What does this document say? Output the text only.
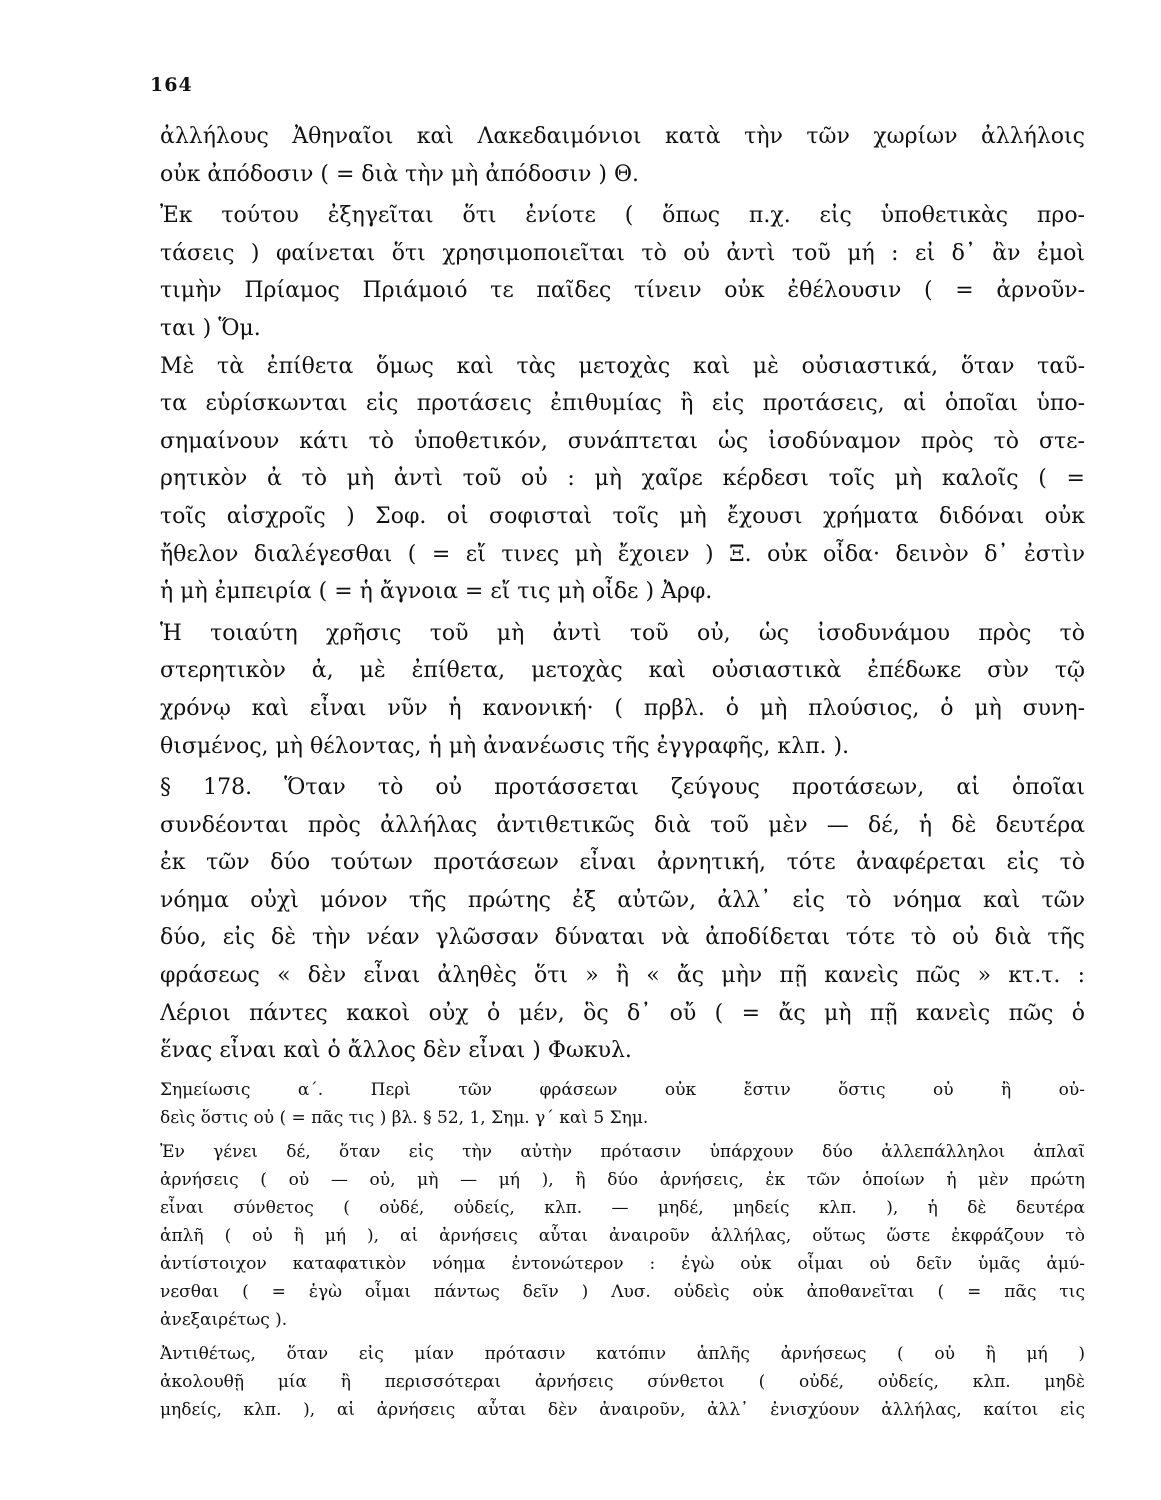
164
ἀλλήλους Ἀθηναῖοι καὶ Λακεδαιμόνιοι κατὰ τὴν τῶν χωρίων ἀλλήλοις
οὐκ ἀπόδοσιν ( = διὰ τὴν μὴ ἀπόδοσιν ) Θ.
Ἐκ τούτου ἐξηγεῖται ὅτι ἐνίοτε ( ὅπως π.χ. εἰς ὑποθετικὰς προ-
τάσεις ) φαίνεται ὅτι χρησιμοποιεῖται τὸ οὐ ἀντὶ τοῦ μή : εἰ δ᾽ ἂν ἐμοὶ
τιμὴν Πρίαμος Πριάμοιό τε παῖδες τίνειν οὐκ ἐθέλουσιν ( = ἀρνοῦν-
ται ) Ὅμ.
Μὲ τὰ ἐπίθετα ὅμως καὶ τὰς μετοχὰς καὶ μὲ οὐσιαστικά, ὅταν ταῦ-
τα εὑρίσκωνται εἰς προτάσεις ἐπιθυμίας ἢ εἰς προτάσεις, αἱ ὁποῖαι ὑπο-
σημαίνουν κάτι τὸ ὑποθετικόν, συνάπτεται ὡς ἰσοδύναμον πρὸς τὸ στε-
ρητικὸν ἀ τὸ μὴ ἀντὶ τοῦ οὐ : μὴ χαῖρε κέρδεσι τοῖς μὴ καλοῖς ( =
τοῖς αἰσχροῖς ) Σοφ. οἱ σοφισταὶ τοῖς μὴ ἔχουσι χρήματα διδόναι οὐκ
ἤθελον διαλέγεσθαι ( = εἴ τινες μὴ ἔχοιεν ) Ξ. οὐκ οἶδα· δεινὸν δ᾽ ἐστὶν
ἡ μὴ ἐμπειρία ( = ἡ ἄγνοια = εἴ τις μὴ οἶδε ) Ἀρφ.
Ἡ τοιαύτη χρῆσις τοῦ μὴ ἀντὶ τοῦ οὐ, ὡς ἰσοδυνάμου πρὸς τὸ
στερητικὸν ἀ, μὲ ἐπίθετα, μετοχὰς καὶ οὐσιαστικὰ ἐπέδωκε σὺν τῷ
χρόνῳ καὶ εἶναι νῦν ἡ κανονική· ( πρβλ. ὁ μὴ πλούσιος, ὁ μὴ συνη-
θισμένος, μὴ θέλοντας, ἡ μὴ ἀνανέωσις τῆς ἐγγραφῆς, κλπ. ).
§ 178. Ὅταν τὸ οὐ προτάσσεται ζεύγους προτάσεων, αἱ ὁποῖαι
συνδέονται πρὸς ἀλλήλας ἀντιθετικῶς διὰ τοῦ μὲν — δέ, ἡ δὲ δευτέρα
ἐκ τῶν δύο τούτων προτάσεων εἶναι ἀρνητική, τότε ἀναφέρεται εἰς τὸ
νόημα οὐχὶ μόνον τῆς πρώτης ἐξ αὐτῶν, ἀλλ᾽ εἰς τὸ νόημα καὶ τῶν
δύο, εἰς δὲ τὴν νέαν γλῶσσαν δύναται νὰ ἀποδίδεται τότε τὸ οὐ διὰ τῆς
φράσεως « δὲν εἶναι ἀληθὲς ὅτι » ἢ « ἄς μὴν πῇ κανεὶς πῶς » κτ.τ. :
Λέριοι πάντες κακοὶ οὐχ ὁ μέν, ὃς δ᾽ οὔ ( = ἄς μὴ πῇ κανεὶς πῶς ὁ
ἕνας εἶναι καὶ ὁ ἄλλος δὲν εἶναι ) Φωκυλ.
Σημείωσις α΄. Περὶ τῶν φράσεων οὐκ ἔστιν ὅστις οὐ ἢ οὐ-
δεὶς ὅστις οὐ ( = πᾶς τις ) βλ. § 52, 1, Σημ. γ΄ καὶ 5 Σημ.
Ἐν γένει δέ, ὅταν εἰς τὴν αὐτὴν πρότασιν ὑπάρχουν δύο ἀλλεπάλληλοι ἁπλαῖ
ἀρνήσεις ( οὐ — οὐ, μὴ — μή ), ἢ δύο ἀρνήσεις, ἐκ τῶν ὁποίων ἡ μὲν πρώτη
εἶναι σύνθετος ( οὐδέ, οὐδείς, κλπ. — μηδέ, μηδείς κλπ. ), ἡ δὲ δευτέρα
ἁπλῆ ( οὐ ἢ μή ), αἱ ἀρνήσεις αὗται ἀναιροῦν ἀλλήλας, οὕτως ὥστε ἐκφράζουν τὸ
ἀντίστοιχον καταφατικὸν νόημα ἐντονώτερον : ἐγὼ οὐκ οἶμαι οὐ δεῖν ὑμᾶς ἀμύ-
νεσθαι ( = ἐγὼ οἶμαι πάντως δεῖν ) Λυσ. οὐδεὶς οὐκ ἀποθανεῖται ( = πᾶς τις
ἀνεξαιρέτως ).
Ἀντιθέτως, ὅταν εἰς μίαν πρότασιν κατόπιν ἁπλῆς ἀρνήσεως ( οὐ ἢ μή )
ἀκολουθῇ μία ἢ περισσότεραι ἀρνήσεις σύνθετοι ( οὐδέ, οὐδείς, κλπ. μηδὲ
μηδείς, κλπ. ), αἱ ἀρνήσεις αὗται δὲν ἀναιροῦν, ἀλλ᾽ ἐνισχύουν ἀλλήλας, καίτοι εἰς
